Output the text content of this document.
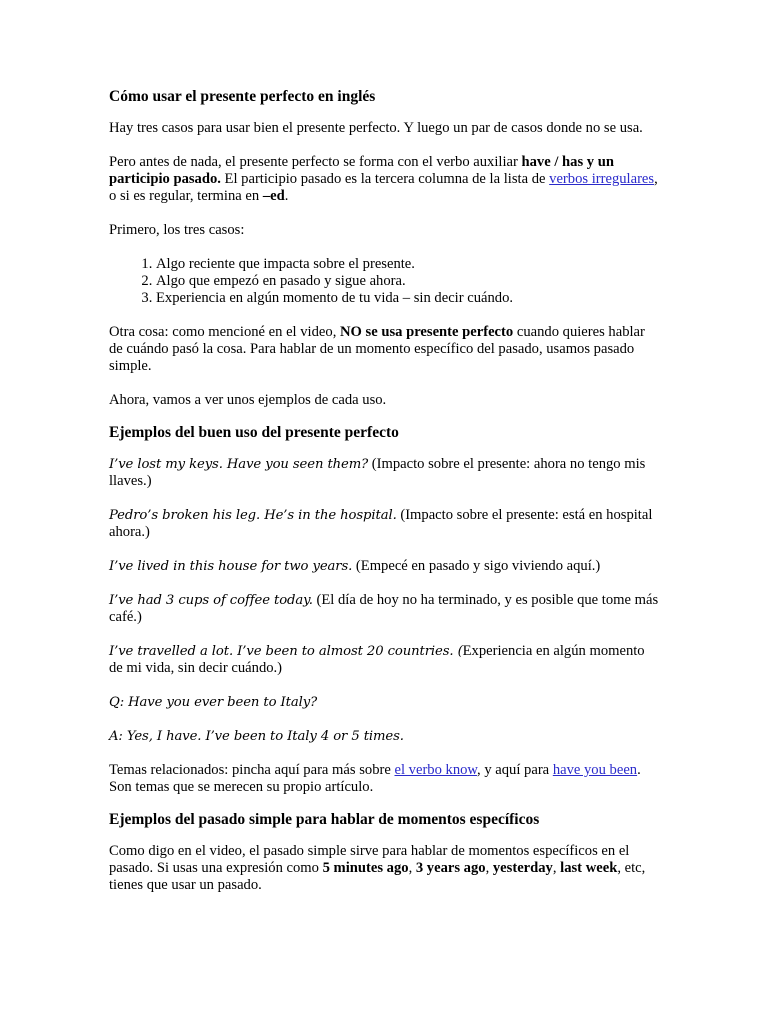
Cómo usar el presente perfecto en inglés

Hay tres casos para usar bien el presente perfecto. Y luego un par de casos donde no se usa.

Pero antes de nada, el presente perfecto se forma con el verbo auxiliar have / has y un participio pasado. El participio pasado es la tercera columna de la lista de verbos irregulares, o si es regular, termina en –ed.

Primero, los tres casos:

1. Algo reciente que impacta sobre el presente.
2. Algo que empezó en pasado y sigue ahora.
3. Experiencia en algún momento de tu vida – sin decir cuándo.

Otra cosa: como mencioné en el video, NO se usa presente perfecto cuando quieres hablar de cuándo pasó la cosa. Para hablar de un momento específico del pasado, usamos pasado simple.

Ahora, vamos a ver unos ejemplos de cada uso.

Ejemplos del buen uso del presente perfecto

I’ve lost my keys. Have you seen them? (Impacto sobre el presente: ahora no tengo mis llaves.)

Pedro’s broken his leg. He’s in the hospital. (Impacto sobre el presente: está en hospital ahora.)

I’ve lived in this house for two years. (Empecé en pasado y sigo viviendo aquí.)

I’ve had 3 cups of coffee today. (El día de hoy no ha terminado, y es posible que tome más café.)

I’ve travelled a lot. I’ve been to almost 20 countries. (Experiencia en algún momento de mi vida, sin decir cuándo.)

Q: Have you ever been to Italy?

A: Yes, I have. I’ve been to Italy 4 or 5 times.

Temas relacionados: pincha aquí para más sobre el verbo know, y aquí para have you been. Son temas que se merecen su propio artículo.

Ejemplos del pasado simple para hablar de momentos específicos

Como digo en el video, el pasado simple sirve para hablar de momentos específicos en el pasado. Si usas una expresión como 5 minutes ago, 3 years ago, yesterday, last week, etc, tienes que usar un pasado.
